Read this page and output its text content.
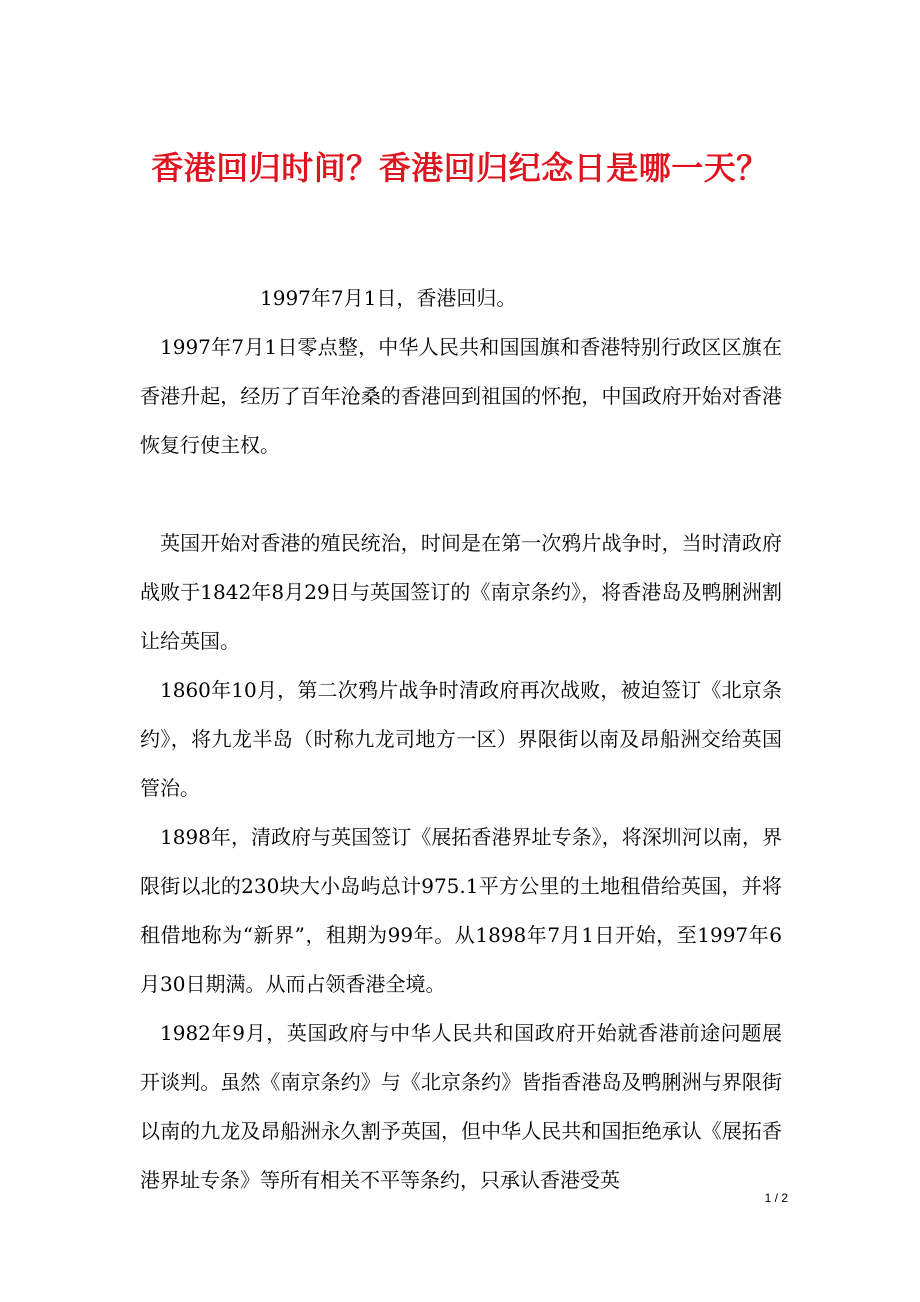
香港回归时间？香港回归纪念日是哪一天？

1997年7月1日，香港回归。

1997年7月1日零点整，中华人民共和国国旗和香港特别行政区区旗在香港升起，经历了百年沧桑的香港回到祖国的怀抱，中国政府开始对香港恢复行使主权。

英国开始对香港的殖民统治，时间是在第一次鸦片战争时，当时清政府战败于1842年8月29日与英国签订的《南京条约》，将香港岛及鸭脷洲割让给英国。

1860年10月，第二次鸦片战争时清政府再次战败，被迫签订《北京条约》，将九龙半岛（时称九龙司地方一区）界限街以南及昂船洲交给英国管治。

1898年，清政府与英国签订《展拓香港界址专条》，将深圳河以南，界限街以北的230块大小岛屿总计975.1平方公里的土地租借给英国，并将租借地称为“新界”，租期为99年。从1898年7月1日开始，至1997年6月30日期满。从而占领香港全境。

1982年9月，英国政府与中华人民共和国政府开始就香港前途问题展开谈判。虽然《南京条约》与《北京条约》皆指香港岛及鸭脷洲与界限街以南的九龙及昂船洲永久割予英国，但中华人民共和国拒绝承认《展拓香港界址专条》等所有相关不平等条约，只承认香港受英

1 / 2
